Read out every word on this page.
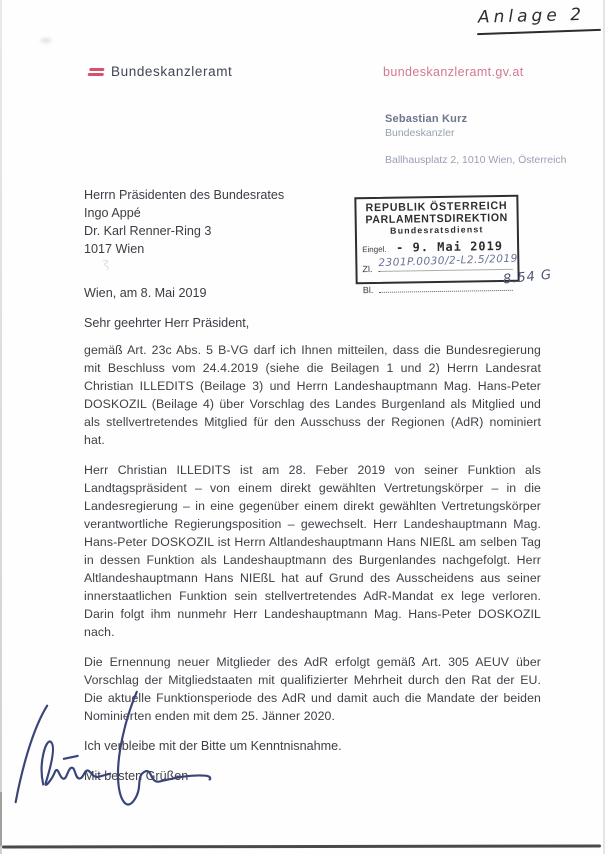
Anlage 2
Bundeskanzleramt	bundeskanzleramt.gv.at
Sebastian Kurz
Bundeskanzler
Ballhausplatz 2, 1010 Wien, Österreich
Herrn Präsidenten des Bundesrates
Ingo Appé
Dr. Karl Renner-Ring 3
1017 Wien
REPUBLIK ÖSTERREICH
PARLAMENTSDIREKTION
Bundesratsdienst
Eingel. - 9. Mai 2019
Zl. 2301P.0030/2-L2.5/2019
Bl.
8.54 G
Wien, am 8. Mai 2019
Sehr geehrter Herr Präsident,

gemäß Art. 23c Abs. 5 B-VG darf ich Ihnen mitteilen, dass die Bundesregierung mit Beschluss vom 24.4.2019 (siehe die Beilagen 1 und 2) Herrn Landesrat Christian ILLEDITS (Beilage 3) und Herrn Landeshauptmann Mag. Hans-Peter DOSKOZIL (Beilage 4) über Vorschlag des Landes Burgenland als Mitglied und als stellvertretendes Mitglied für den Ausschuss der Regionen (AdR) nominiert hat.

Herr Christian ILLEDITS ist am 28. Feber 2019 von seiner Funktion als Landtagspräsident – von einem direkt gewählten Vertretungskörper – in die Landesregierung – in eine gegenüber einem direkt gewählten Vertretungskörper verantwortliche Regierungsposition – gewechselt. Herr Landeshauptmann Mag. Hans-Peter DOSKOZIL ist Herrn Altlandeshauptmann Hans NIEßL am selben Tag in dessen Funktion als Landeshauptmann des Burgenlandes nachgefolgt. Herr Altlandeshauptmann Hans NIEßL hat auf Grund des Ausscheidens aus seiner innerstaatlichen Funktion sein stellvertretendes AdR-Mandat ex lege verloren. Darin folgt ihm nunmehr Herr Landeshauptmann Mag. Hans-Peter DOSKOZIL nach.

Die Ernennung neuer Mitglieder des AdR erfolgt gemäß Art. 305 AEUV über Vorschlag der Mitgliedstaaten mit qualifizierter Mehrheit durch den Rat der EU. Die aktuelle Funktionsperiode des AdR und damit auch die Mandate der beiden Nominierten enden mit dem 25. Jänner 2020.

Ich verbleibe mit der Bitte um Kenntnisnahme.
Mit besten Grüßen
